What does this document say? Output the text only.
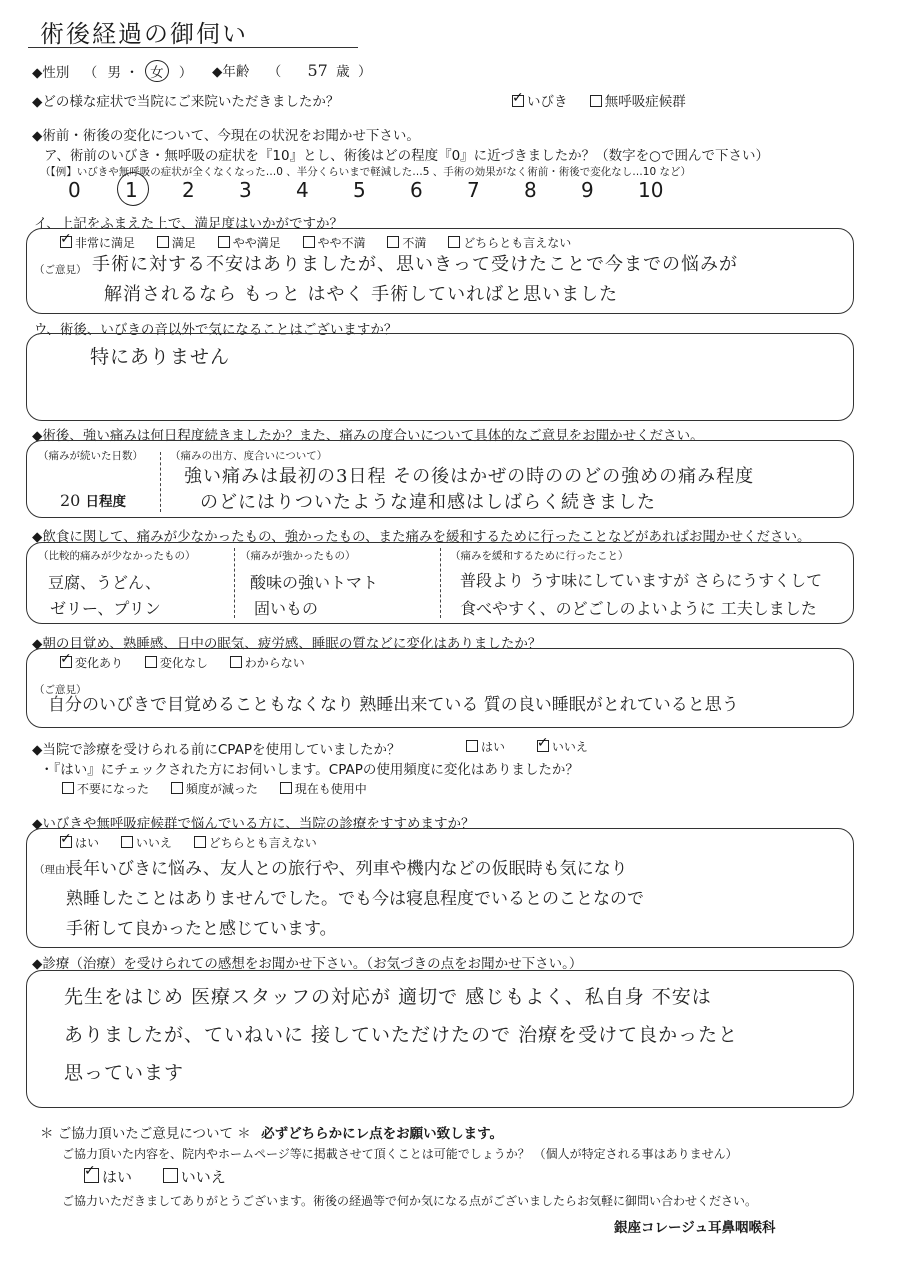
術後経過の御伺い
◆性別 （ 男 ・ 女 ） ◆年齢 （ 57 歳 ）
◆どの様な症状で当院にご来院いただきましたか？ ✓	いびき	無呼吸症候群
◆術前・術後の変化について、今現在の状況をお聞かせ下さい。
ア、術前のいびき・無呼吸の症状を『10』とし、術後はどの程度『0』に近づきましたか？（数字を○で囲んで下さい）
（【例】いびきや無呼吸の症状が全くなくなった…0 、半分くらいまで軽減した…5 、手術の効果がなく術前・術後で変化なし…10 など）
0 1 2 3 4 5 6 7 8 9 10
イ、上記をふまえた上で、満足度はいかがですか？
✓非常に満足	満足	やや満足	やや不満	不満	どちらとも言えない
（ご意見） 手術に対する不安はありましたが、思いきって受けたことで今までの悩みが
解消されるなら もっと はやく 手術していればと思いました
ウ、術後、いびきの音以外で気になることはございますか？
特にありません
◆術後、強い痛みは何日程度続きましたか？また、痛みの度合いについて具体的なご意見をお聞かせください。
（痛みが続いた日数）
20 日程度
（痛みの出方、度合いについて）
強い痛みは最初の3日程 その後はかぜの時ののどの強めの痛み程度
のどにはりついたような違和感はしばらく続きました
◆飲食に関して、痛みが少なかったもの、強かったもの、また痛みを緩和するために行ったことなどがあればお聞かせください。
（比較的痛みが少なかったもの）
豆腐、うどん、
ゼリー、プリン
（痛みが強かったもの）
酸味の強いトマト
固いもの
（痛みを緩和するために行ったこと）
普段より うす味にしていますが さらにうすくして
食べやすく、のどごしのよいように 工夫しました
◆朝の目覚め、熟睡感、日中の眠気、疲労感、睡眠の質などに変化はありましたか？
✓変化あり	変化なし	わからない
（ご意見）
自分のいびきで目覚めることもなくなり 熟睡出来ている 質の良い睡眠がとれていると思う
◆当院で診療を受けられる前にCPAPを使用していましたか？	はい ✓	いいえ
・『はい』にチェックされた方にお伺いします。CPAPの使用頻度に変化はありましたか？
不要になった	頻度が減った	現在も使用中
◆いびきや無呼吸症候群で悩んでいる方に、当院の診療をすすめますか？
✓はい	いいえ	どちらとも言えない
（理由）
長年いびきに悩み、友人との旅行や、列車や機内などの仮眠時も気になり
熟睡したことはありませんでした。でも今は寝息程度でいるとのことなので
手術して良かったと感じています。
◆診療（治療）を受けられての感想をお聞かせ下さい。（お気づきの点をお聞かせ下さい。）
先生をはじめ 医療スタッフの対応が 適切で 感じもよく、私自身 不安は
ありましたが、ていねいに 接していただけたので 治療を受けて良かったと
思っています
＊ ご協力頂いたご意見について ＊ 必ずどちらかにレ点をお願い致します。
ご協力頂いた内容を、院内やホームページ等に掲載させて頂くことは可能でしょうか？ （個人が特定される事はありません）
✓はい	いいえ
ご協力いただきましてありがとうございます。術後の経過等で何か気になる点がございましたらお気軽に御問い合わせください。
銀座コレージュ耳鼻咽喉科
